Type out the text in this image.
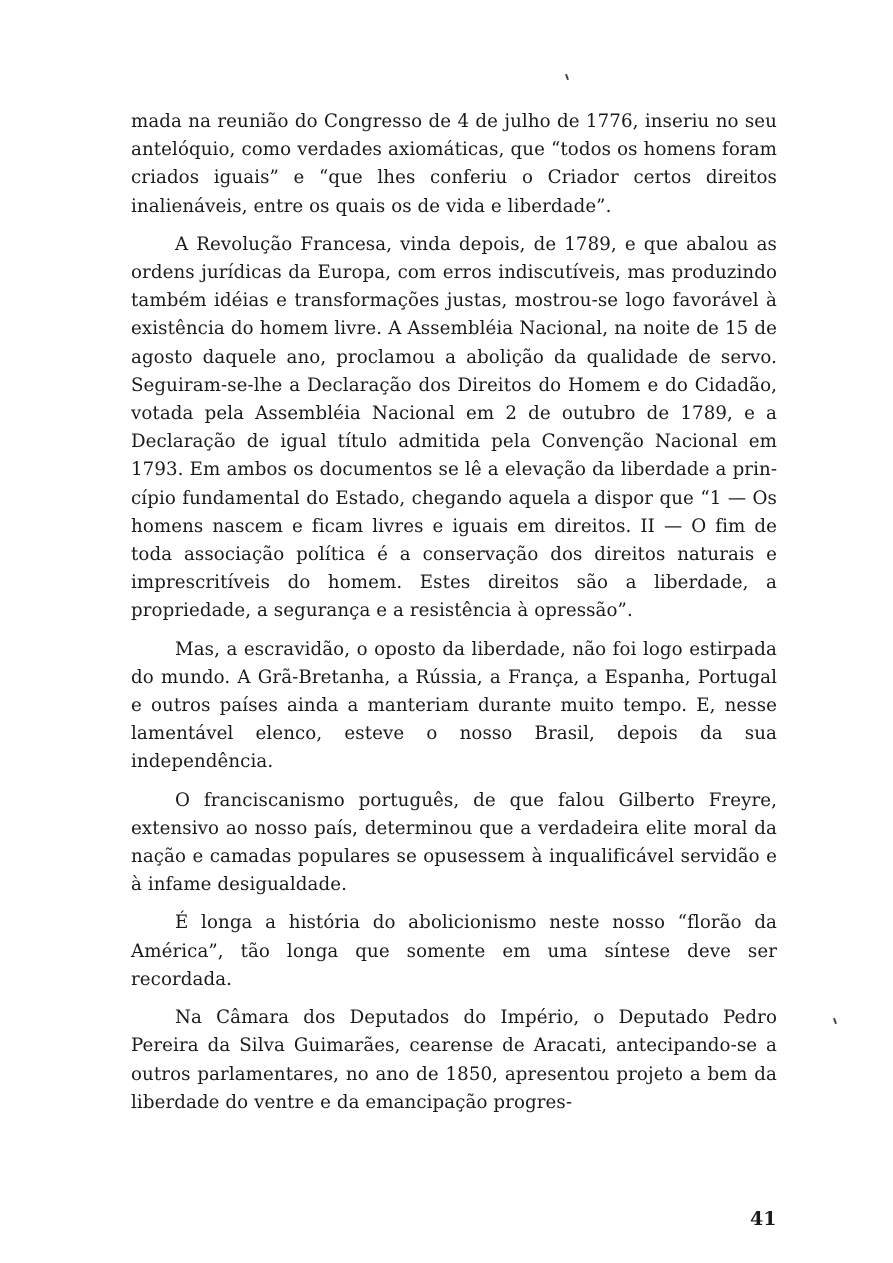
mada na reunião do Congresso de 4 de julho de 1776, inseriu no seu antelóquio, como verdades axiomáticas, que “todos os homens foram criados iguais” e “que lhes conferiu o Criador certos direitos inalienáveis, entre os quais os de vida e liberdade”.

A Revolução Francesa, vinda depois, de 1789, e que abalou as ordens jurídicas da Europa, com erros indiscutíveis, mas produzindo também idéias e transformações justas, mostrou-se logo favorável à existência do homem livre. A Assembléia Nacional, na noite de 15 de agosto daquele ano, proclamou a abolição da qualidade de servo. Seguiram-se-lhe a Declaração dos Direitos do Homem e do Cidadão, votada pela Assembléia Nacional em 2 de outubro de 1789, e a Declaração de igual título admitida pela Convenção Nacional em 1793. Em ambos os documentos se lê a elevação da liberdade a princípio fundamental do Estado, chegando aquela a dispor que “1 — Os homens nascem e ficam livres e iguais em direitos. II — O fim de toda associação política é a conservação dos direitos naturais e imprescritíveis do homem. Estes direitos são a liberdade, a propriedade, a segurança e a resistência à opressão”.

Mas, a escravidão, o oposto da liberdade, não foi logo estirpada do mundo. A Grã-Bretanha, a Rússia, a França, a Espanha, Portugal e outros países ainda a manteriam durante muito tempo. E, nesse lamentável elenco, esteve o nosso Brasil, depois da sua independência.

O franciscanismo português, de que falou Gilberto Freyre, extensivo ao nosso país, determinou que a verdadeira elite moral da nação e camadas populares se opusessem à inqualificável servidão e à infame desigualdade.

É longa a história do abolicionismo neste nosso “florão da América”, tão longa que somente em uma síntese deve ser recordada.

Na Câmara dos Deputados do Império, o Deputado Pedro Pereira da Silva Guimarães, cearense de Aracati, antecipando-se a outros parlamentares, no ano de 1850, apresentou projeto a bem da liberdade do ventre e da emancipação progres-

41
